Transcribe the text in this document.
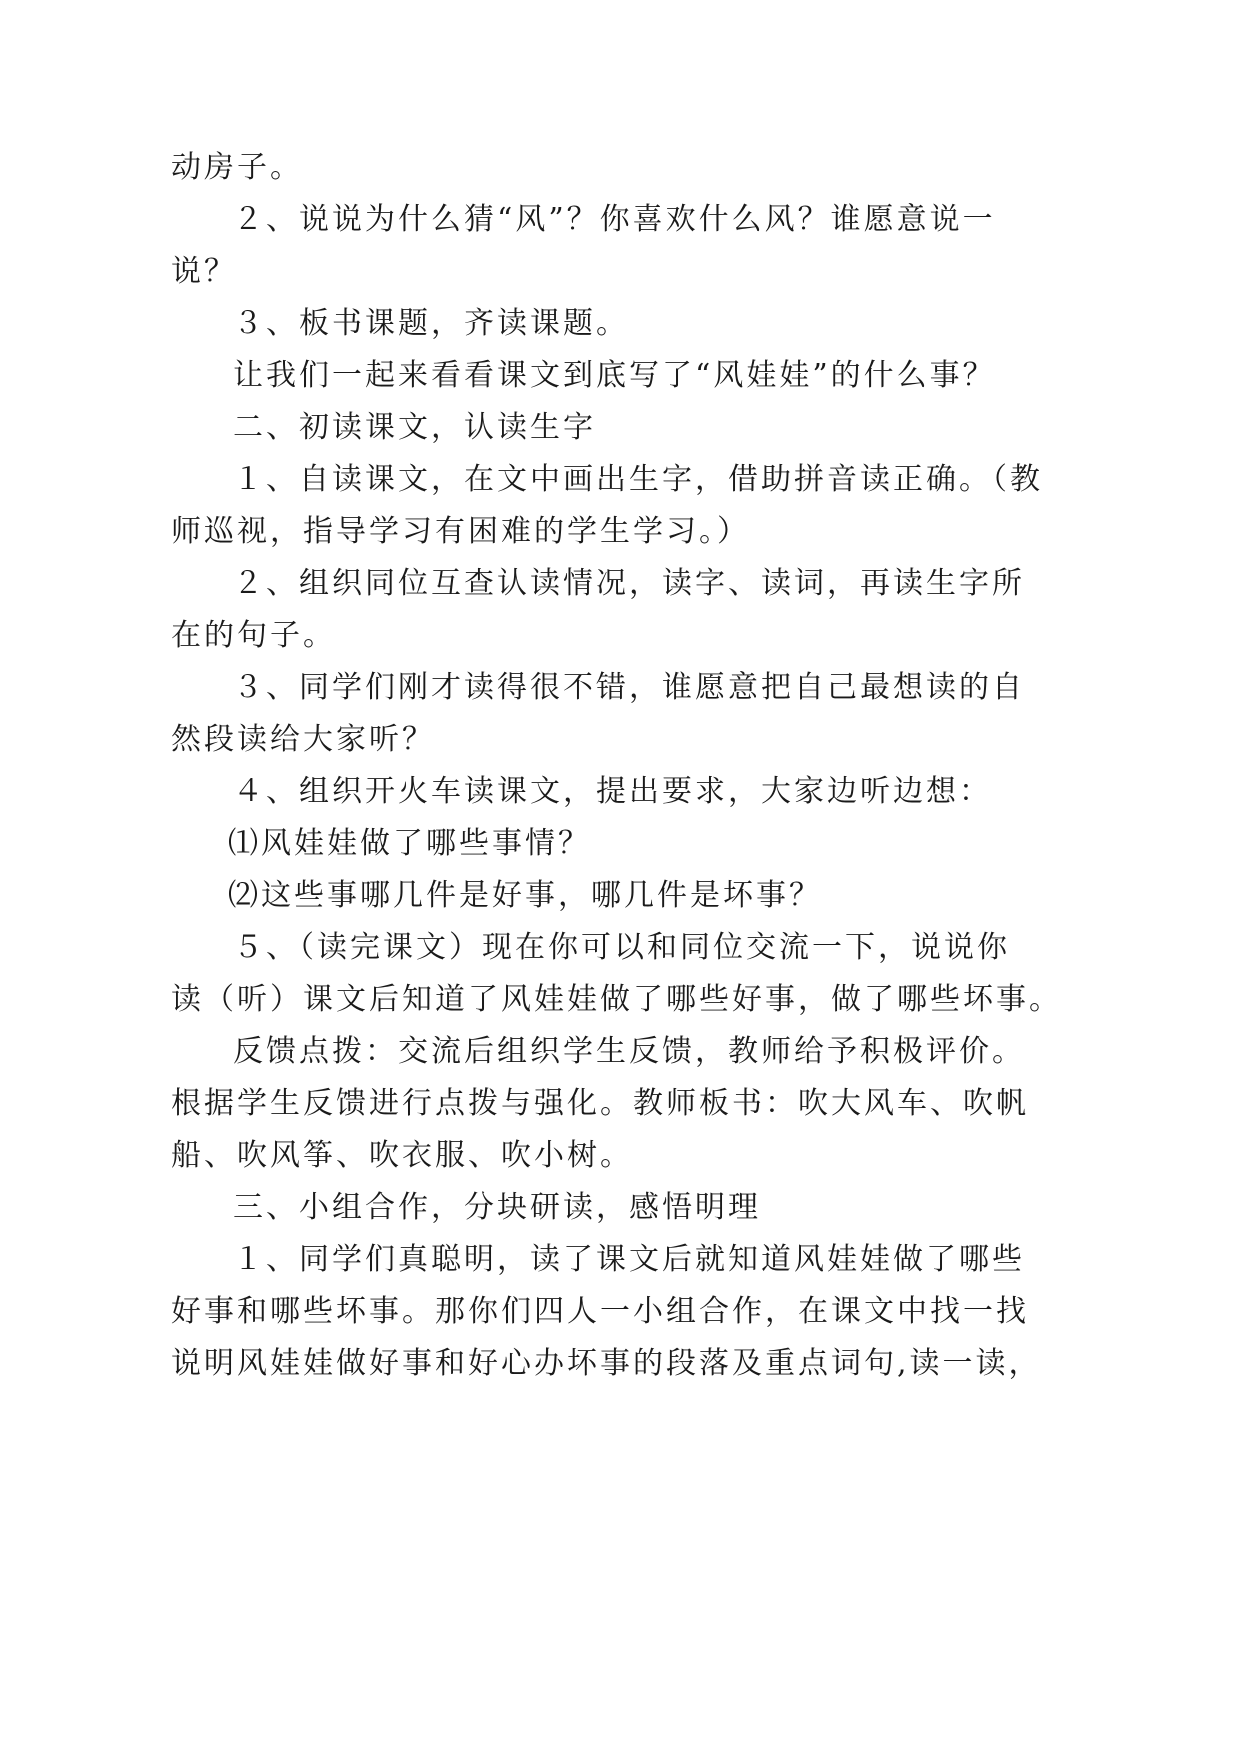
动房子。
２、说说为什么猜“风”？你喜欢什么风？谁愿意说一
说？
３、板书课题，齐读课题。
让我们一起来看看课文到底写了“风娃娃”的什么事？
二、初读课文，认读生字
１、自读课文，在文中画出生字，借助拼音读正确。（教
师巡视，指导学习有困难的学生学习。）
２、组织同位互查认读情况，读字、读词，再读生字所
在的句子。
３、同学们刚才读得很不错，谁愿意把自己最想读的自
然段读给大家听？
４、组织开火车读课文，提出要求，大家边听边想：
⑴风娃娃做了哪些事情？
⑵这些事哪几件是好事，哪几件是坏事？
５、（读完课文）现在你可以和同位交流一下，说说你
读（听）课文后知道了风娃娃做了哪些好事，做了哪些坏事。
反馈点拨：交流后组织学生反馈，教师给予积极评价。
根据学生反馈进行点拨与强化。教师板书：吹大风车、吹帆
船、吹风筝、吹衣服、吹小树。
三、小组合作，分块研读，感悟明理
１、同学们真聪明，读了课文后就知道风娃娃做了哪些
好事和哪些坏事。那你们四人一小组合作，在课文中找一找
说明风娃娃做好事和好心办坏事的段落及重点词句,读一读，
